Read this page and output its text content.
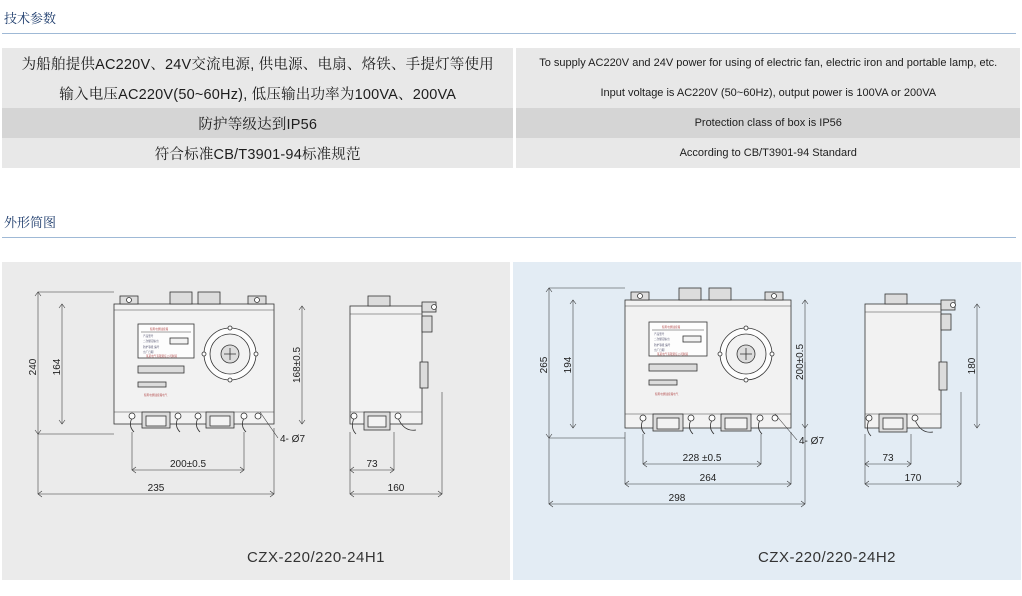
技术参数
为船舶提供AC220V、24V交流电源, 供电源、电扇、烙铁、手提灯等使用	To supply AC220V and 24V power for using of electric fan, electric iron and portable lamp, etc.
输入电压AC220V(50~60Hz), 低压输出功率为100VA、200VA	Input voltage is AC220V (50~60Hz), output power is 100VA or 200VA
防护等级达到IP56	Protection class of box is IP56
符合标准CB/T3901-94标准规范	According to CB/T3901-94 Standard
外形简图
船用电源插座箱
产品型号
二次额定输出
防护等级 编号
出厂日期
某某电气有限责任公司制造
船用电源插座箱电气
240 164
200±0.5
235
4- Ø7
168±0.5
73
160
CZX-220/220-24H1
船用电源插座箱
产品型号
二次额定输出
防护等级 编号
出厂日期
某某电气有限责任公司制造
船用电源插座箱电气
265 194
228 ±0.5
264
298
4- Ø7
200±0.5	180
73
170
CZX-220/220-24H2
